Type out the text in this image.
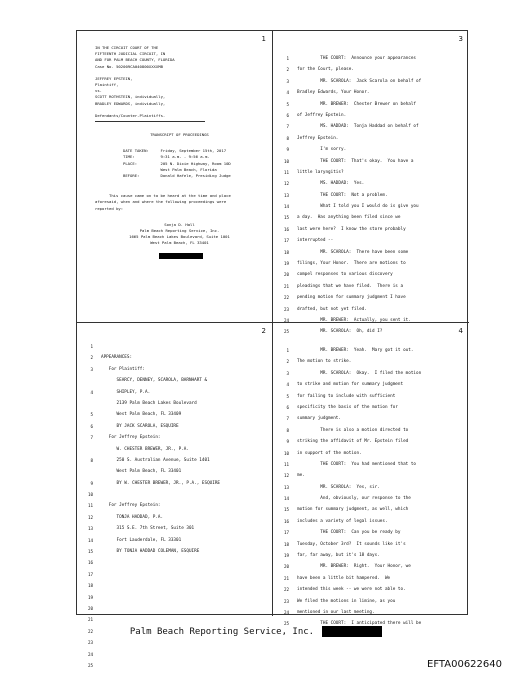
1
IN THE CIRCUIT COURT OF THE
FIFTEENTH JUDICIAL CIRCUIT, IN
AND FOR PALM BEACH COUNTY, FLORIDA
Case No. 502009CA040800XXXXMB
JEFFREY EPSTEIN,
Plaintiff,
vs.
SCOTT ROTHSTEIN, individually,
BRADLEY EDWARDS, individually,
Defendants/Counter-Plaintiffs.
TRANSCRIPT OF PROCEEDINGS
DATE TAKEN:     Friday, September 15th, 2017
TIME:           9:31 a.m. - 9:56 a.m.
PLACE:          205 N. Dixie Highway, Room 10D
West Palm Beach, Florida
BEFORE:         Donald Hafele, Presiding Judge
This cause came on to be heard at the time and place
aforesaid, when and where the following proceedings were
reported by:
Sonja D. Hall
Palm Beach Reporting Service, Inc.
1665 Palm Beach Lakes Boulevard, Suite 1001
West Palm Beach, FL 33401
3
1
2
3
4
5
6
7
8
9
10
11
12
13
14
15
16
17
18
19
20
21
22
23
24
25
THE COURT:  Announce your appearances
for the Court, please.
MR. SCAROLA:  Jack Scarola on behalf of
Bradley Edwards, Your Honor.
MR. BREWER:  Chester Brewer on behalf
of Jeffrey Epstein.
MS. HADDAD:  Tonja Haddad on behalf of
Jeffrey Epstein.
I'm sorry.
THE COURT:  That's okay.  You have a
little laryngitis?
MS. HADDAD:  Yes.
THE COURT:  Not a problem.
What I told you I would do is give you
a day.  Has anything been filed since we
last were here?  I know the store probably
interrupted --
MR. SCAROLA:  There have been some
filings, Your Honor.  There are motions to
compel responses to various discovery
pleadings that we have filed.  There is a
pending motion for summary judgment I have
drafted, but not yet filed.
MR. BREWER:  Actually, you sent it.
MR. SCAROLA:  Oh, did I?
2
1
2
3
4
5
6
7
8
9
10
11
12
13
14
15
16
17
18
19
20
21
22
23
24
25
APPEARANCES:
For Plaintiff:
SEARCY, DENNEY, SCAROLA, BARNHART &
SHIPLEY, P.A.
2139 Palm Beach Lakes Boulevard
West Palm Beach, FL 33409
BY JACK SCAROLA, ESQUIRE
For Jeffrey Epstein:
W. CHESTER BREWER, JR., P.A.
250 S. Australian Avenue, Suite 1401
West Palm Beach, FL 33401
BY W. CHESTER BREWER, JR., P.A., ESQUIRE
For Jeffrey Epstein:
TONJA HADDAD, P.A.
315 S.E. 7th Street, Suite 301
Fort Lauderdale, FL 33301
BY TONJA HADDAD COLEMAN, ESQUIRE
4
1
2
3
4
5
6
7
8
9
10
11
12
13
14
15
16
17
18
19
20
21
22
23
24
25
MR. BREWER:  Yeah.  Mary got it out.
The motion to strike.
MR. SCAROLA:  Okay.  I filed the motion
to strike and motion for summary judgment
for failing to include with sufficient
specificity the basis of the motion for
summary judgment.
There is also a motion directed to
striking the affidavit of Mr. Epstein filed
in support of the motion.
THE COURT:  You had mentioned that to
me.
MR. SCAROLA:  Yes, sir.
And, obviously, our response to the
motion for summary judgment, as well, which
includes a variety of legal issues.
THE COURT:  Can you be ready by
Tuesday, October 3rd?  It sounds like it's
far, far away, but it's 18 days.
MR. BREWER:  Right.  Your Honor, we
have been a little bit hampered.  We
intended this week -- we were not able to.
We filed the motions in limine, as you
mentioned in our last meeting.
THE COURT:  I anticipated there will be
Palm Beach Reporting Service, Inc.
EFTA00622640
